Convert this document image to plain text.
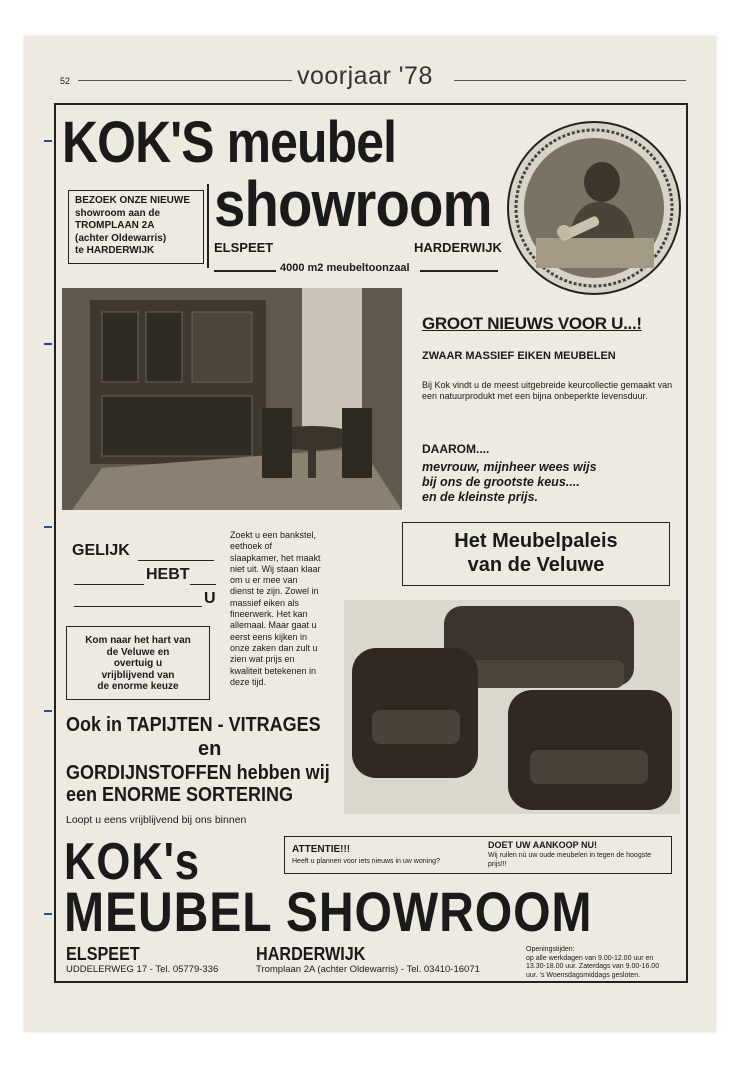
52	voorjaar '78
KOK'S meubel
showroom
BEZOEK ONZE NIEUWE
showroom aan de
TROMPLAAN 2A
(achter Oldewarris)
te HARDERWIJK	ELSPEET	HARDERWIJK
4000 m2 meubeltoonzaal
GROOT NIEUWS VOOR U...!
ZWAAR MASSIEF EIKEN MEUBELEN
Bij Kok vindt u de meest uitgebreide keurcollectie gemaakt van een natuurprodukt met een bijna onbeperkte levensduur.
DAAROM....
mevrouw, mijnheer wees wijs
bij ons de grootste keus....
en de kleinste prijs.
Het Meubelpaleis
van de Veluwe
GELIJK
HEBT
U
Kom naar het hart van
de Veluwe en
overtuig u
vrijblijvend van
de enorme keuze
Zoekt u een bankstel,
eethoek of
slaapkamer, het maakt
niet uit. Wij staan klaar
om u er mee van
dienst te zijn. Zowel in
massief eiken als
fineerwerk. Het kan
allemaal. Maar gaat u
eerst eens kijken in
onze zaken dan zult u
zien wat prijs en
kwaliteit betekenen in
deze tijd.
Ook in TAPIJTEN - VITRAGES
en
GORDIJNSTOFFEN hebben wij
een ENORME SORTERING
Loopt u eens vrijblijvend bij ons binnen
ATTENTIE!!!
Heeft u plannen voor iets nieuws in uw woning?
DOET UW AANKOOP NU!
Wij ruilen nù uw oude meubelen in tegen de hoogste prijs!!!
KOK's
MEUBEL SHOWROOM
ELSPEET
UDDELERWEG 17 - Tel. 05779-336
HARDERWIJK
Tromplaan 2A (achter Oldewarris) - Tel. 03410-16071
Openingstijden:
op alle werkdagen van 9.00-12.00 uur en
13.30-18.00 uur. Zaterdags van 9.00-16.00
uur. 's Woensdagsmiddags gesloten.
